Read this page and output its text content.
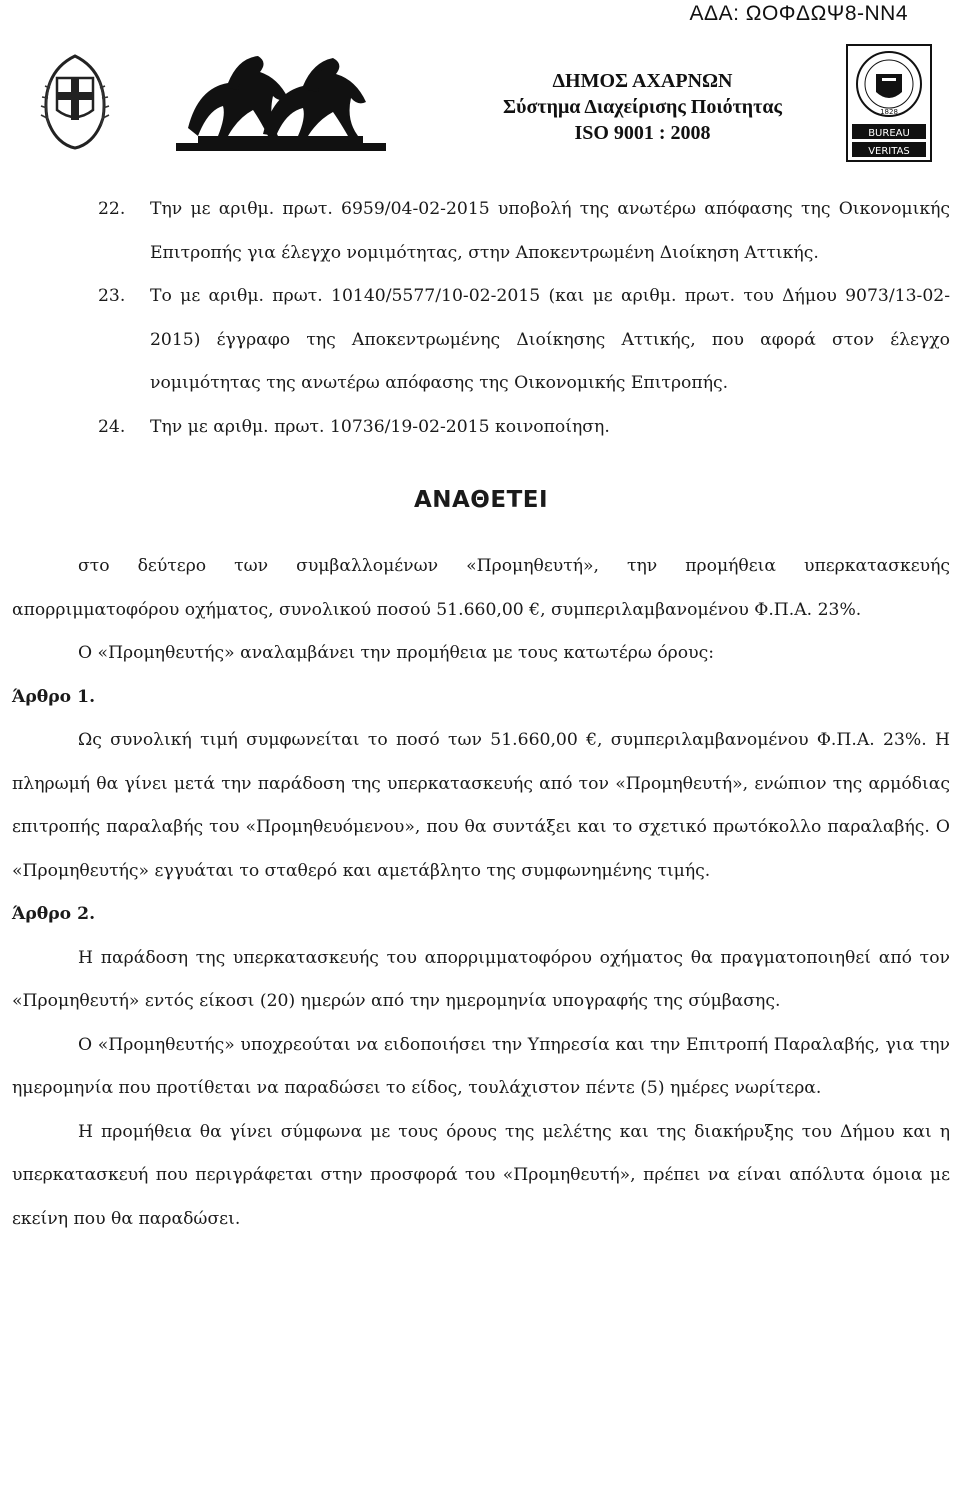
ΑΔΑ: ΩΟΦΔΩΨ8-ΝΝ4
ΔΗΜΟΣ ΑΧΑΡΝΩΝ
Σύστημα Διαχείρισης Ποιότητας
ISO 9001 : 2008
1828
BUREAU
VERITAS
22.	Την με αριθμ. πρωτ. 6959/04-02-2015 υποβολή της ανωτέρω απόφασης της Οικονομικής Επιτροπής για έλεγχο νομιμότητας, στην Αποκεντρωμένη Διοίκηση Αττικής.
23.	Το με αριθμ. πρωτ. 10140/5577/10-02-2015 (και με αριθμ. πρωτ. του Δήμου 9073/13-02-2015) έγγραφο της Αποκεντρωμένης Διοίκησης Αττικής, που αφορά στον έλεγχο νομιμότητας της ανωτέρω απόφασης της Οικονομικής Επιτροπής.
24.	Την με αριθμ. πρωτ. 10736/19-02-2015 κοινοποίηση.
ΑΝΑΘΕΤΕΙ

στο δεύτερο των συμβαλλομένων «Προμηθευτή», την προμήθεια υπερκατασκευής απορριμματοφόρου οχήματος, συνολικού ποσού 51.660,00 €, συμπεριλαμβανομένου Φ.Π.Α. 23%.

Ο «Προμηθευτής» αναλαμβάνει την προμήθεια με τους κατωτέρω όρους:

Άρθρο 1.

Ως συνολική τιμή συμφωνείται το ποσό των 51.660,00 €, συμπεριλαμβανομένου Φ.Π.Α. 23%. Η πληρωμή θα γίνει μετά την παράδοση της υπερκατασκευής από τον «Προμηθευτή», ενώπιον της αρμόδιας επιτροπής παραλαβής του «Προμηθευόμενου», που θα συντάξει και το σχετικό πρωτόκολλο παραλαβής. Ο «Προμηθευτής» εγγυάται το σταθερό και αμετάβλητο της συμφωνημένης τιμής.

Άρθρο 2.

Η παράδοση της υπερκατασκευής του απορριμματοφόρου οχήματος θα πραγματοποιηθεί από τον «Προμηθευτή» εντός είκοσι (20) ημερών από την ημερομηνία υπογραφής της σύμβασης.

Ο «Προμηθευτής» υποχρεούται να ειδοποιήσει την Υπηρεσία και την Επιτροπή Παραλαβής, για την ημερομηνία που προτίθεται να παραδώσει το είδος, τουλάχιστον πέντε (5) ημέρες νωρίτερα.

Η προμήθεια θα γίνει σύμφωνα με τους όρους της μελέτης και της διακήρυξης του Δήμου και η υπερκατασκευή που περιγράφεται στην προσφορά του «Προμηθευτή», πρέπει να είναι απόλυτα όμοια με εκείνη που θα παραδώσει.
